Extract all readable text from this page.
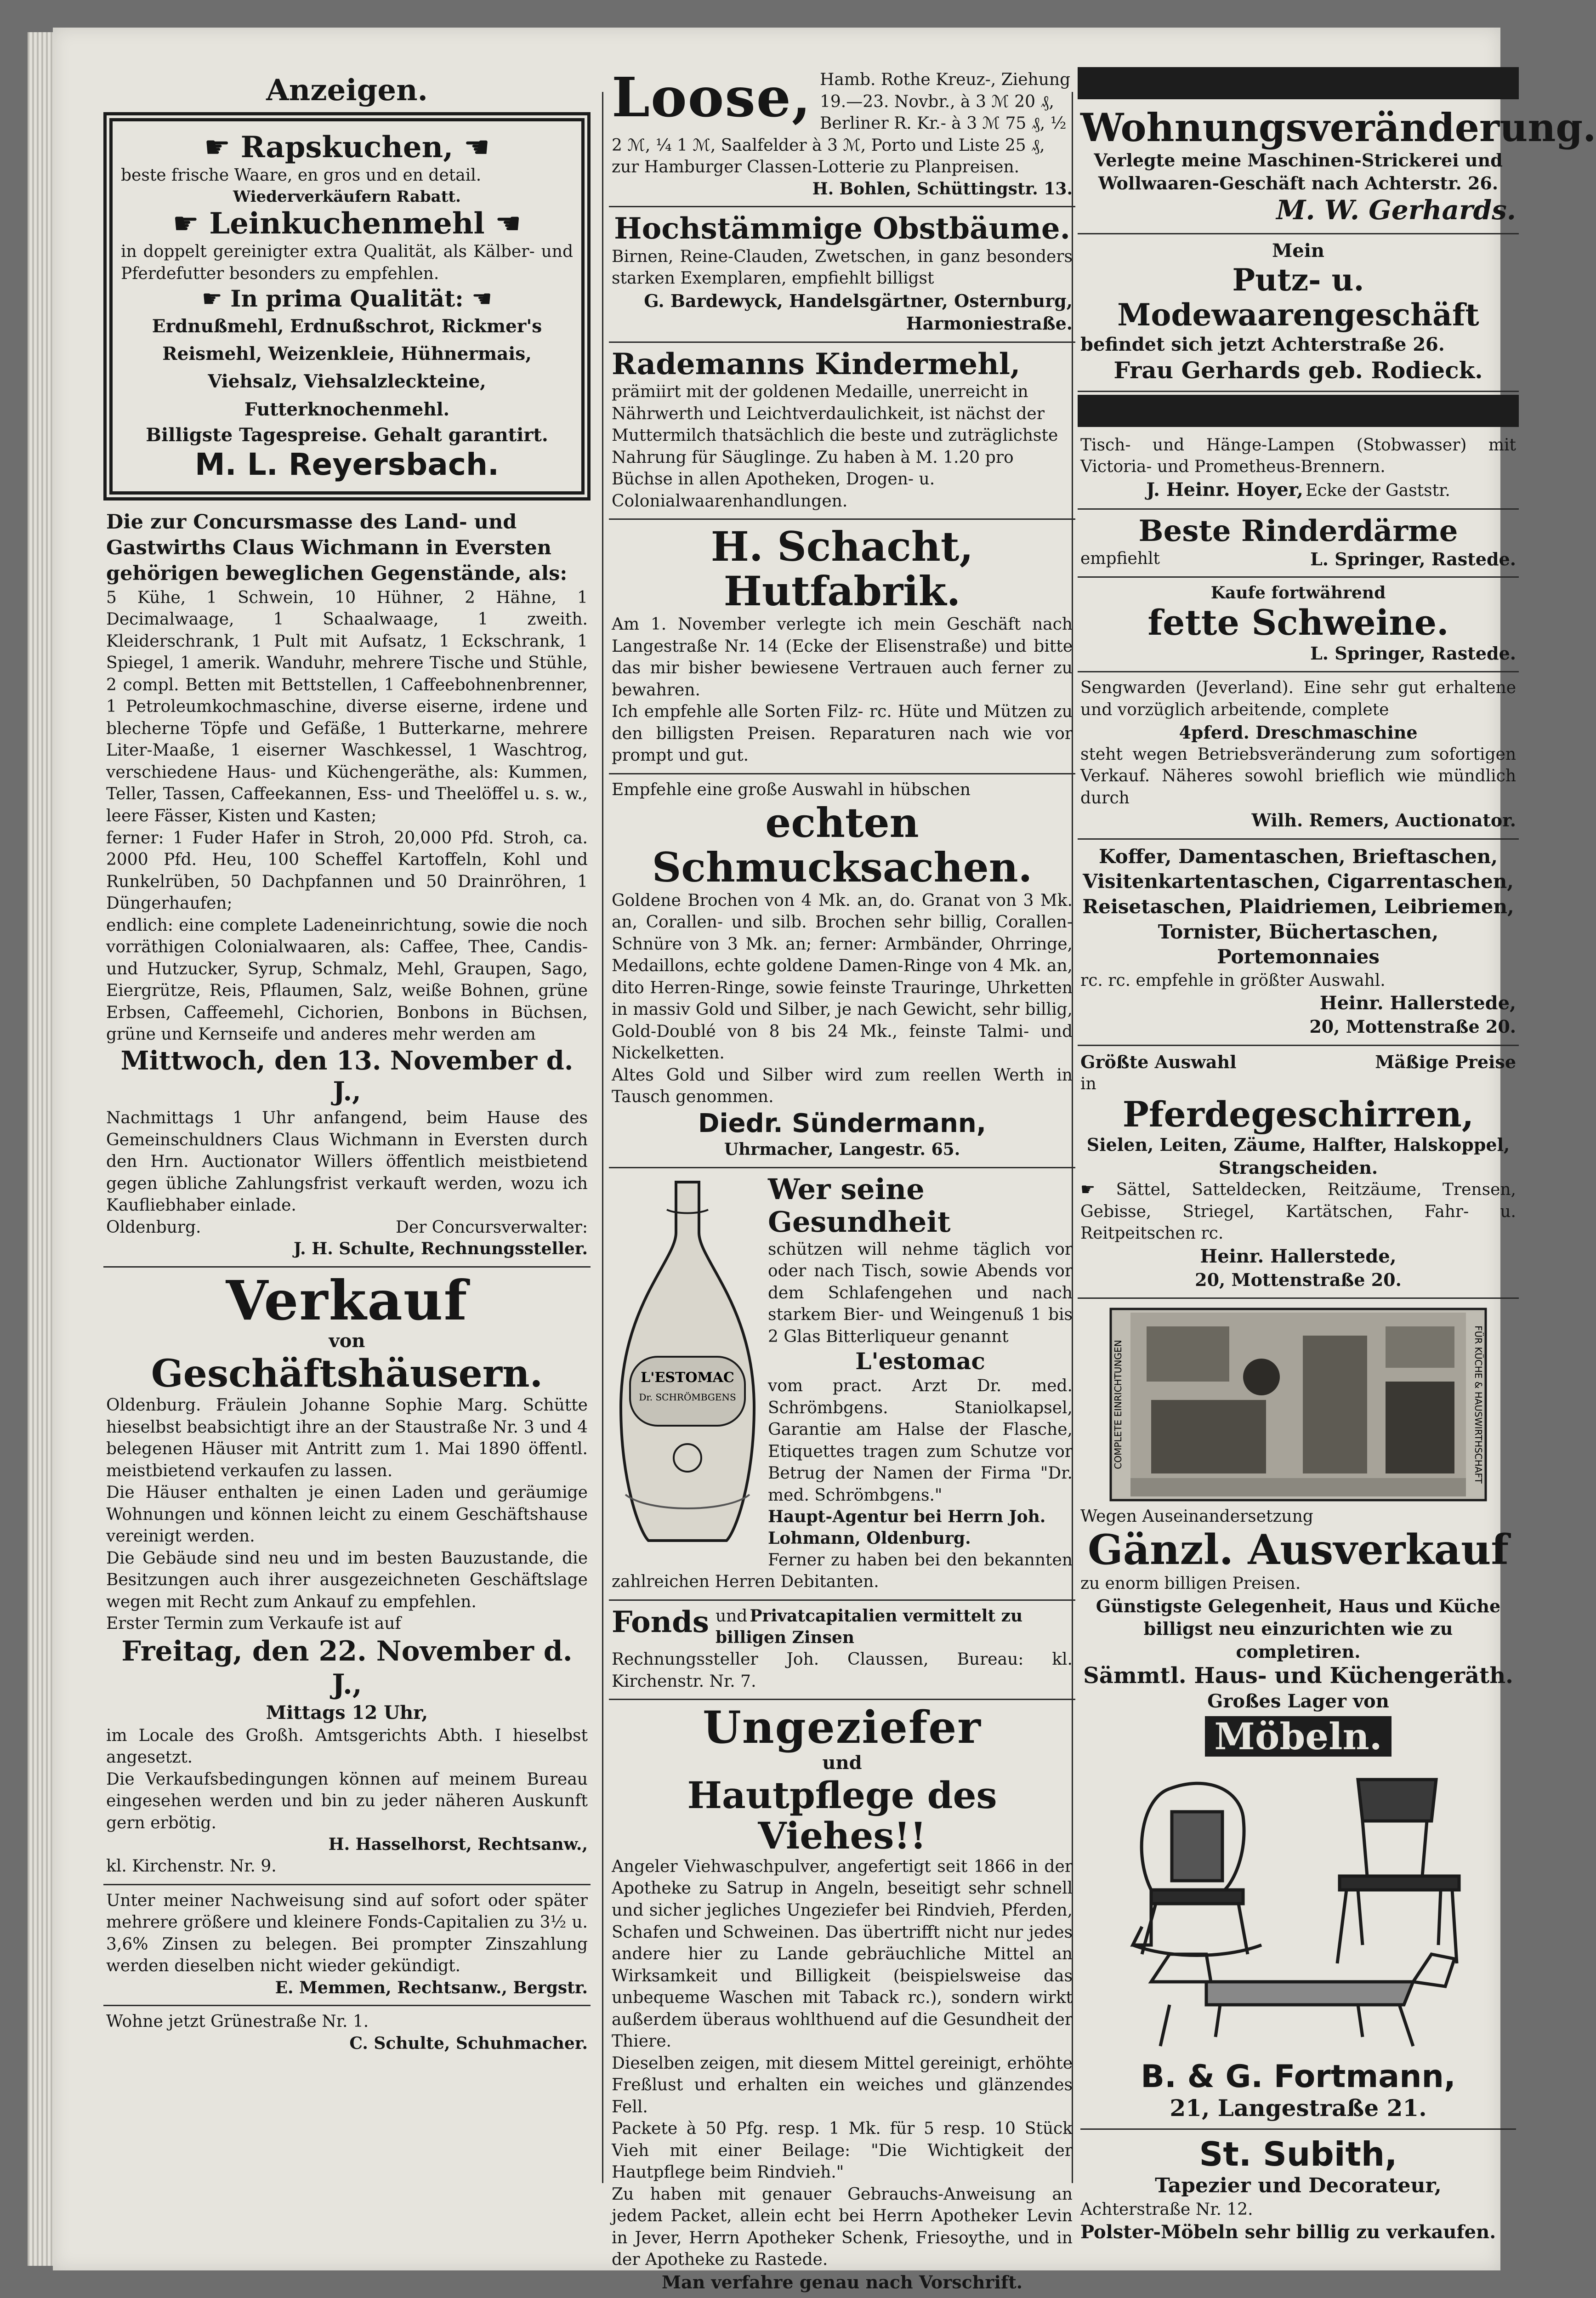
Anzeigen.
☛ Rapskuchen, ☚
beste frische Waare, en gros und en detail.
Wiederverkäufern Rabatt.
☛ Leinkuchenmehl ☚
in doppelt gereinigter extra Qualität, als Kälber- und Pferdefutter besonders zu empfehlen.
☛ In prima Qualität: ☚
Erdnußmehl, Erdnußschrot, Rickmer's Reismehl, Weizenkleie, Hühnermais, Viehsalz, Viehsalzleckteine, Futterknochenmehl.
Billigste Tagespreise. Gehalt garantirt.
M. L. Reyersbach.
Die zur Concursmasse des Land- und Gastwirths Claus Wichmann in Eversten gehörigen beweglichen Gegenstände, als:
5 Kühe, 1 Schwein, 10 Hühner, 2 Hähne, 1 Decimalwaage, 1 Schaalwaage, 1 zweith. Kleiderschrank, 1 Pult mit Aufsatz, 1 Eckschrank, 1 Spiegel, 1 amerik. Wanduhr, mehrere Tische und Stühle, 2 compl. Betten mit Bettstellen, 1 Caffeebohnenbrenner, 1 Petroleumkochmaschine, diverse eiserne, irdene und blecherne Töpfe und Gefäße, 1 Butterkarne, mehrere Liter-Maaße, 1 eiserner Waschkessel, 1 Waschtrog, verschiedene Haus- und Küchengeräthe, als: Kummen, Teller, Tassen, Caffeekannen, Ess- und Theelöffel u. s. w., leere Fässer, Kisten und Kasten;
ferner: 1 Fuder Hafer in Stroh, 20,000 Pfd. Stroh, ca. 2000 Pfd. Heu, 100 Scheffel Kartoffeln, Kohl und Runkelrüben, 50 Dachpfannen und 50 Drainröhren, 1 Düngerhaufen;
endlich: eine complete Ladeneinrichtung, sowie die noch vorräthigen Colonialwaaren, als: Caffee, Thee, Candis- und Hutzucker, Syrup, Schmalz, Mehl, Graupen, Sago, Eiergrütze, Reis, Pflaumen, Salz, weiße Bohnen, grüne Erbsen, Caffeemehl, Cichorien, Bonbons in Büchsen, grüne und Kernseife und anderes mehr werden am
Mittwoch, den 13. November d. J.,
Nachmittags 1 Uhr anfangend, beim Hause des Gemeinschuldners Claus Wichmann in Eversten durch den Hrn. Auctionator Willers öffentlich meistbietend gegen übliche Zahlungsfrist verkauft werden, wozu ich Kaufliebhaber einlade.
Oldenburg.	Der Concursverwalter:
J. H. Schulte, Rechnungssteller.
Verkauf
von
Geschäftshäusern.
Oldenburg. Fräulein Johanne Sophie Marg. Schütte hieselbst beabsichtigt ihre an der Staustraße Nr. 3 und 4 belegenen Häuser mit Antritt zum 1. Mai 1890 öffentl. meistbietend verkaufen zu lassen.
Die Häuser enthalten je einen Laden und geräumige Wohnungen und können leicht zu einem Geschäftshause vereinigt werden.
Die Gebäude sind neu und im besten Bauzustande, die Besitzungen auch ihrer ausgezeichneten Geschäftslage wegen mit Recht zum Ankauf zu empfehlen.
Erster Termin zum Verkaufe ist auf
Freitag, den 22. November d. J.,
Mittags 12 Uhr,
im Locale des Großh. Amtsgerichts Abth. I hieselbst angesetzt.
Die Verkaufsbedingungen können auf meinem Bureau eingesehen werden und bin zu jeder näheren Auskunft gern erbötig.
H. Hasselhorst, Rechtsanw.,
kl. Kirchenstr. Nr. 9.
Unter meiner Nachweisung sind auf sofort oder später mehrere größere und kleinere Fonds-Capitalien zu 3½ u. 3,6% Zinsen zu belegen. Bei prompter Zinszahlung werden dieselben nicht wieder gekündigt.
E. Memmen, Rechtsanw., Bergstr.
Wohne jetzt Grünestraße Nr. 1.
C. Schulte, Schuhmacher.
Loose, Hamb. Rothe Kreuz-, Ziehung 19.—23. Novbr., à 3 ℳ 20 ₰, Berliner R. Kr.- à 3 ℳ 75 ₰, ½ 2 ℳ, ¼ 1 ℳ, Saalfelder à 3 ℳ, Porto und Liste 25 ₰, zur Hamburger Classen-Lotterie zu Planpreisen.
H. Bohlen, Schüttingstr. 13.
Hochstämmige Obstbäume.
Birnen, Reine-Clauden, Zwetschen, in ganz besonders starken Exemplaren, empfiehlt billigst
G. Bardewyck, Handelsgärtner, Osternburg, Harmoniestraße.
Rademanns Kindermehl,
prämiirt mit der goldenen Medaille, unerreicht in Nährwerth und Leichtverdaulichkeit, ist nächst der Muttermilch thatsächlich die beste und zuträglichste Nahrung für Säuglinge. Zu haben à M. 1.20 pro Büchse in allen Apotheken, Drogen- u. Colonialwaarenhandlungen.
H. Schacht, Hutfabrik.
Am 1. November verlegte ich mein Geschäft nach Langestraße Nr. 14 (Ecke der Elisenstraße) und bitte das mir bisher bewiesene Vertrauen auch ferner zu bewahren.
Ich empfehle alle Sorten Filz- rc. Hüte und Mützen zu den billigsten Preisen. Reparaturen nach wie vor prompt und gut.
Empfehle eine große Auswahl in hübschen
echten Schmucksachen.
Goldene Brochen von 4 Mk. an, do. Granat von 3 Mk. an, Corallen- und silb. Brochen sehr billig, Corallen-Schnüre von 3 Mk. an; ferner: Armbänder, Ohrringe, Medaillons, echte goldene Damen-Ringe von 4 Mk. an, dito Herren-Ringe, sowie feinste Trauringe, Uhrketten in massiv Gold und Silber, je nach Gewicht, sehr billig, Gold-Doublé von 8 bis 24 Mk., feinste Talmi- und Nickelketten.
Altes Gold und Silber wird zum reellen Werth in Tausch genommen.
Diedr. Sündermann,
Uhrmacher, Langestr. 65.
L'ESTOMAC
Dr. SCHRÖMBGENS
Wer seine Gesundheit
schützen will nehme täglich vor oder nach Tisch, sowie Abends vor dem Schlafengehen und nach starkem Bier- und Weingenuß 1 bis 2 Glas Bitterliqueur genannt
L'estomac
vom pract. Arzt Dr. med. Schrömbgens. Staniolkapsel, Garantie am Halse der Flasche, Etiquettes tragen zum Schutze vor Betrug der Namen der Firma "Dr. med. Schrömbgens."
Haupt-Agentur bei Herrn Joh. Lohmann, Oldenburg.
Ferner zu haben bei den bekannten zahlreichen Herren Debitanten.
Fonds und Privatcapitalien vermittelt zu billigen Zinsen
Rechnungssteller Joh. Claussen, Bureau: kl. Kirchenstr. Nr. 7.
Ungeziefer
und
Hautpflege des Viehes!!
Angeler Viehwaschpulver, angefertigt seit 1866 in der Apotheke zu Satrup in Angeln, beseitigt sehr schnell und sicher jegliches Ungeziefer bei Rindvieh, Pferden, Schafen und Schweinen. Das übertrifft nicht nur jedes andere hier zu Lande gebräuchliche Mittel an Wirksamkeit und Billigkeit (beispielsweise das unbequeme Waschen mit Taback rc.), sondern wirkt außerdem überaus wohlthuend auf die Gesundheit der Thiere.
Dieselben zeigen, mit diesem Mittel gereinigt, erhöhte Freßlust und erhalten ein weiches und glänzendes Fell.
Packete à 50 Pfg. resp. 1 Mk. für 5 resp. 10 Stück Vieh mit einer Beilage: "Die Wichtigkeit der Hautpflege beim Rindvieh."
Zu haben mit genauer Gebrauchs-Anweisung an jedem Packet, allein echt bei Herrn Apotheker Levin in Jever, Herrn Apotheker Schenk, Friesoythe, und in der Apotheke zu Rastede.
Man verfahre genau nach Vorschrift.
Wohnungsveränderung.
Verlegte meine Maschinen-Strickerei und Wollwaaren-Geschäft nach Achterstr. 26.
M. W. Gerhards.
Mein
Putz- u. Modewaarengeschäft
befindet sich jetzt Achterstraße 26.
Frau Gerhards geb. Rodieck.
Tisch- und Hänge-Lampen (Stobwasser) mit Victoria- und Prometheus-Brennern.
J. Heinr. Hoyer, Ecke der Gaststr.
Beste Rinderdärme
empfiehlt	L. Springer, Rastede.
Kaufe fortwährend
fette Schweine.
L. Springer, Rastede.
Sengwarden (Jeverland). Eine sehr gut erhaltene und vorzüglich arbeitende, complete
4pferd. Dreschmaschine
steht wegen Betriebsveränderung zum sofortigen Verkauf. Näheres sowohl brieflich wie mündlich durch
Wilh. Remers, Auctionator.
Koffer, Damentaschen, Brieftaschen, Visitenkartentaschen, Cigarrentaschen, Reisetaschen, Plaidriemen, Leibriemen, Tornister, Büchertaschen, Portemonnaies
rc. rc. empfehle in größter Auswahl.
Heinr. Hallerstede,
20, Mottenstraße 20.
Größte Auswahl	Mäßige Preise
in
Pferdegeschirren,
Sielen, Leiten, Zäume, Halfter, Halskoppel, Strangscheiden.
☛ Sättel, Satteldecken, Reitzäume, Trensen, Gebisse, Striegel, Kartätschen, Fahr- u. Reitpeitschen rc.
Heinr. Hallerstede,
20, Mottenstraße 20.
COMPLETE EINRICHTUNGEN	FÜR KÜCHE & HAUSWIRTHSCHAFT
Wegen Auseinandersetzung
Gänzl. Ausverkauf
zu enorm billigen Preisen.
Günstigste Gelegenheit, Haus und Küche billigst neu einzurichten wie zu completiren.
Sämmtl. Haus- und Küchengeräth.
Großes Lager von
Möbeln.
B. & G. Fortmann,
21, Langestraße 21.
St. Subith,
Tapezier und Decorateur,
Achterstraße Nr. 12.
Polster-Möbeln sehr billig zu verkaufen.
